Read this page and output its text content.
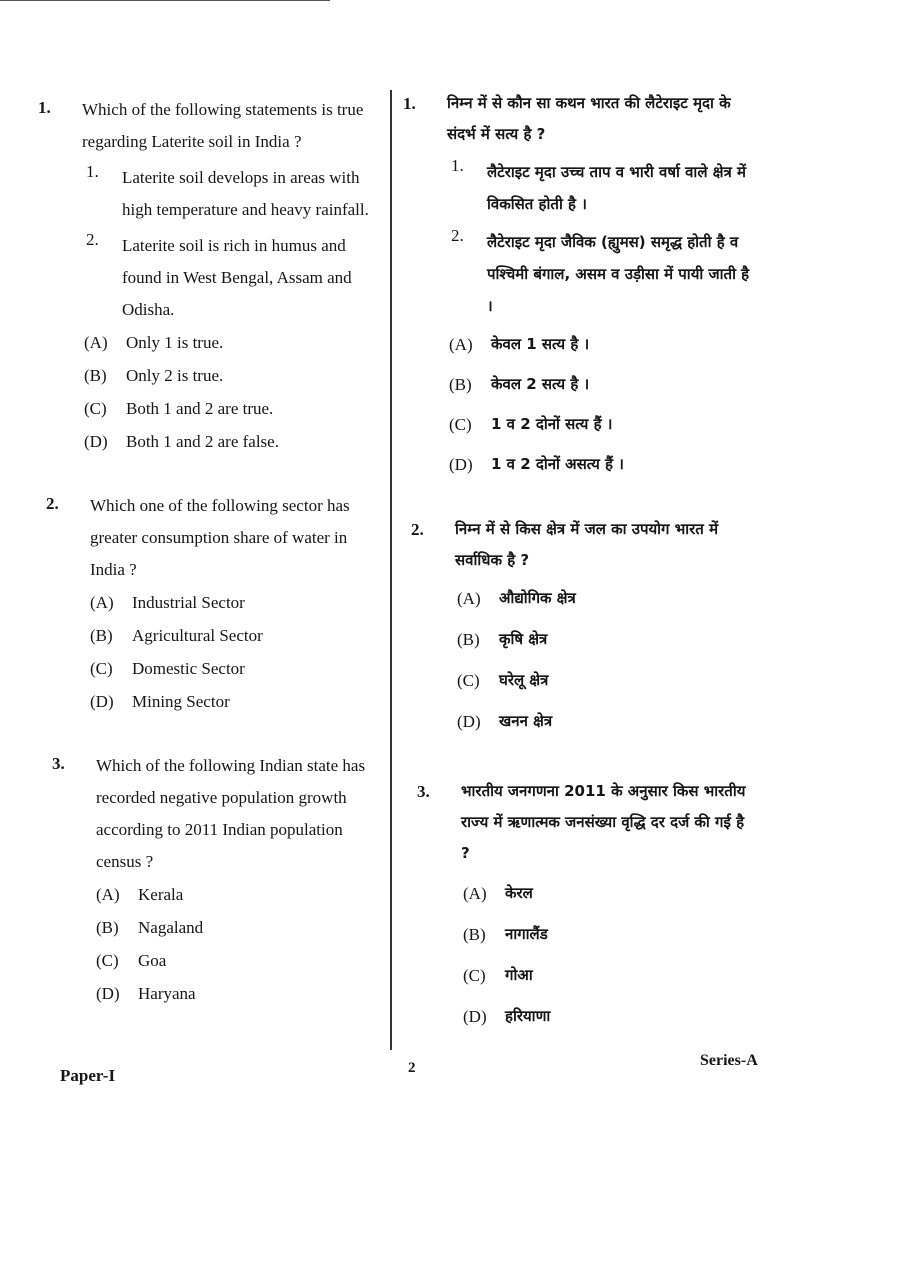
1. Which of the following statements is true regarding Laterite soil in India ?
1. Laterite soil develops in areas with high temperature and heavy rainfall.
2. Laterite soil is rich in humus and found in West Bengal, Assam and Odisha.
(A) Only 1 is true.
(B) Only 2 is true.
(C) Both 1 and 2 are true.
(D) Both 1 and 2 are false.
2. Which one of the following sector has greater consumption share of water in India ?
(A) Industrial Sector
(B) Agricultural Sector
(C) Domestic Sector
(D) Mining Sector
3. Which of the following Indian state has recorded negative population growth according to 2011 Indian population census ?
(A) Kerala
(B) Nagaland
(C) Goa
(D) Haryana
1. निम्न में से कौन सा कथन भारत की लैटेराइट मृदा के संदर्भ में सत्य है ?
1. लैटेराइट मृदा उच्च ताप व भारी वर्षा वाले क्षेत्र में विकसित होती है ।
2. लैटेराइट मृदा जैविक (ह्युमस) समृद्ध होती है व पश्चिमी बंगाल, असम व उड़ीसा में पायी जाती है ।
(A) केवल 1 सत्य है ।
(B) केवल 2 सत्य है ।
(C) 1 व 2 दोनों सत्य हैं ।
(D) 1 व 2 दोनों असत्य हैं ।
2. निम्न में से किस क्षेत्र में जल का उपयोग भारत में सर्वाधिक है ?
(A) औद्योगिक क्षेत्र
(B) कृषि क्षेत्र
(C) घरेलू क्षेत्र
(D) खनन क्षेत्र
3. भारतीय जनगणना 2011 के अनुसार किस भारतीय राज्य में ऋणात्मक जनसंख्या वृद्धि दर दर्ज की गई है ?
(A) केरल
(B) नागालैंड
(C) गोआ
(D) हरियाणा
Paper-I	2	Series-A
